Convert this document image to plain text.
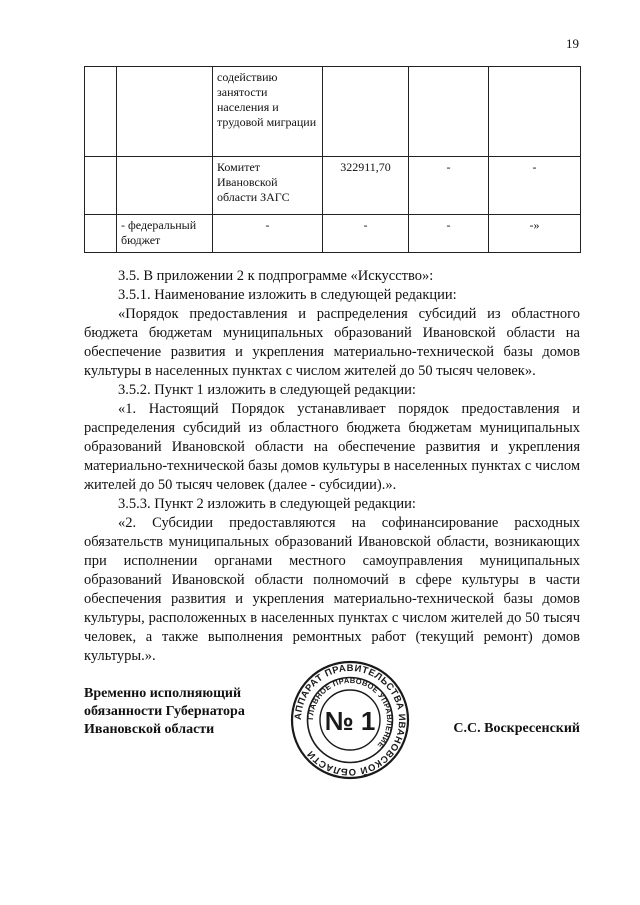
19
		содействию занятости населения и трудовой миграции			
		Комитет Ивановской области ЗАГС	322911,70	-	-
	- федеральный бюджет	-	-	-	-»

3.5. В приложении 2 к подпрограмме «Искусство»:

3.5.1. Наименование изложить в следующей редакции:

«Порядок предоставления и распределения субсидий из областного бюджета бюджетам муниципальных образований Ивановской области на обеспечение развития и укрепления материально-технической базы домов культуры в населенных пунктах с числом жителей до 50 тысяч человек».

3.5.2. Пункт 1 изложить в следующей редакции:

«1. Настоящий Порядок устанавливает порядок предоставления и распределения субсидий из областного бюджета бюджетам муниципальных образований Ивановской области на обеспечение развития и укрепления материально-технической базы домов культуры в населенных пунктах с числом жителей до 50 тысяч человек (далее - субсидии).».

3.5.3. Пункт 2 изложить в следующей редакции:

«2. Субсидии предоставляются на софинансирование расходных обязательств муниципальных образований Ивановской области, возникающих при исполнении органами местного самоуправления муниципальных образований Ивановской области полномочий в сфере культуры в части обеспечения развития и укрепления материально-технической базы домов культуры, расположенных в населенных пунктах с числом жителей до 50 тысяч человек, а также выполнения ремонтных работ (текущий ремонт) домов культуры.».

Временно исполняющий
обязанности Губернатора
Ивановской области
АППАРАТ ПРАВИТЕЛЬСТВА ИВАНОВСКОЙ ОБЛАСТИ
ГЛАВНОЕ ПРАВОВОЕ УПРАВЛЕНИЕ
№ 1	С.С. Воскресенский
